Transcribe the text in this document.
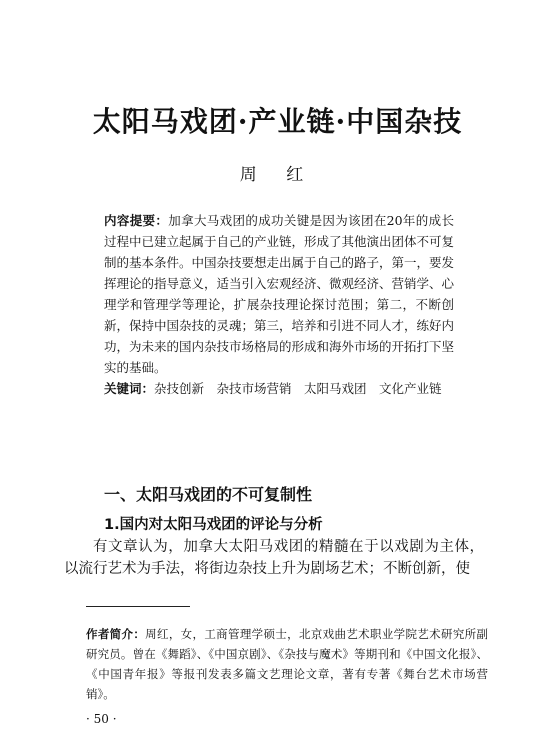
太阳马戏团·产业链·中国杂技
周 红
内容提要：加拿大马戏团的成功关键是因为该团在20年的成长过程中已建立起属于自己的产业链，形成了其他演出团体不可复制的基本条件。中国杂技要想走出属于自己的路子，第一，要发挥理论的指导意义，适当引入宏观经济、微观经济、营销学、心理学和管理学等理论，扩展杂技理论探讨范围；第二，不断创新，保持中国杂技的灵魂；第三，培养和引进不同人才，练好内功，为未来的国内杂技市场格局的形成和海外市场的开拓打下坚实的基础。
关键词：杂技创新　杂技市场营销　太阳马戏团　文化产业链
一、太阳马戏团的不可复制性
1.国内对太阳马戏团的评论与分析

有文章认为，加拿大太阳马戏团的精髓在于以戏剧为主体，以流行艺术为手法，将街边杂技上升为剧场艺术；不断创新，使

作者简介：周红，女，工商管理学硕士，北京戏曲艺术职业学院艺术研究所副研究员。曾在《舞蹈》、《中国京剧》、《杂技与魔术》等期刊和《中国文化报》、《中国青年报》等报刊发表多篇文艺理论文章，著有专著《舞台艺术市场营销》。
· 50 ·
